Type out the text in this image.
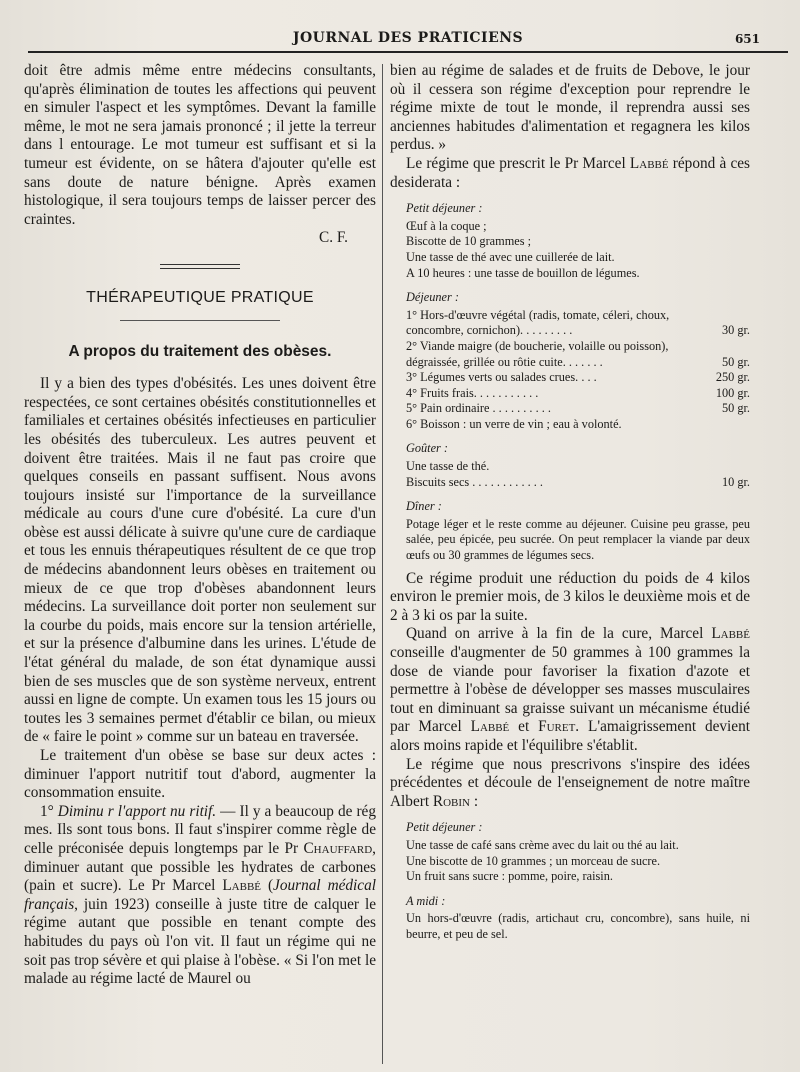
JOURNAL DES PRATICIENS	651

doit être admis même entre médecins consultants, qu'après élimination de toutes les affections qui peuvent en simuler l'aspect et les symptômes. Devant la famille même, le mot ne sera jamais prononcé ; il jette la terreur dans l entourage. Le mot tumeur est suffisant et si la tumeur est évidente, on se hâtera d'ajouter qu'elle est sans doute de nature bénigne. Après examen histologique, il sera toujours temps de laisser percer des craintes.

C. F.

THÉRAPEUTIQUE PRATIQUE
A propos du traitement des obèses.

Il y a bien des types d'obésités. Les unes doivent être respectées, ce sont certaines obésités constitutionnelles et familiales et certaines obésités infectieuses en particulier les obésités des tuberculeux. Les autres peuvent et doivent être traitées. Mais il ne faut pas croire que quelques conseils en passant suffisent. Nous avons toujours insisté sur l'importance de la surveillance médicale au cours d'une cure d'obésité. La cure d'un obèse est aussi délicate à suivre qu'une cure de cardiaque et tous les ennuis thérapeutiques résultent de ce que trop de médecins abandonnent leurs obèses en traitement ou mieux de ce que trop d'obèses abandonnent leurs médecins. La surveillance doit porter non seulement sur la courbe du poids, mais encore sur la tension artérielle, et sur la présence d'albumine dans les urines. L'étude de l'état général du malade, de son état dynamique aussi bien de ses muscles que de son système nerveux, entrent aussi en ligne de compte. Un examen tous les 15 jours ou toutes les 3 semaines permet d'établir ce bilan, ou mieux de « faire le point » comme sur un bateau en traversée.

Le traitement d'un obèse se base sur deux actes : diminuer l'apport nutritif tout d'abord, augmenter la consommation ensuite.

1° Diminu r l'apport nu ritif. — Il y a beaucoup de rég mes. Ils sont tous bons. Il faut s'inspirer comme règle de celle préconisée depuis longtemps par le Pr Chauffard, diminuer autant que possible les hydrates de carbones (pain et sucre). Le Pr Marcel Labbé (Journal médical français, juin 1923) conseille à juste titre de calquer le régime autant que possible en tenant compte des habitudes du pays où l'on vit. Il faut un régime qui ne soit pas trop sévère et qui plaise à l'obèse. « Si l'on met le malade au régime lacté de Maurel ou

bien au régime de salades et de fruits de Debove, le jour où il cessera son régime d'exception pour reprendre le régime mixte de tout le monde, il reprendra aussi ses anciennes habitudes d'alimentation et regagnera les kilos perdus. »

Le régime que prescrit le Pr Marcel Labbé répond à ces desiderata :

Petit déjeuner :
Œuf à la coque ;
Biscotte de 10 grammes ;
Une tasse de thé avec une cuillerée de lait.
A 10 heures : une tasse de bouillon de légumes.
Déjeuner :
1° Hors-d'œuvre végétal (radis, tomate, céleri, choux,
concombre, cornichon). . . . . . . . .	30 gr.
2° Viande maigre (de boucherie, volaille ou poisson),
dégraissée, grillée ou rôtie cuite. . . . . . .	50 gr.
3° Légumes verts ou salades crues. . . .	250 gr.
4° Fruits frais. . . . . . . . . . .	100 gr.
5° Pain ordinaire . . . . . . . . . .	50 gr.
6° Boisson : un verre de vin ; eau à volonté.
Goûter :
Une tasse de thé.
Biscuits secs . . . . . . . . . . . .	10 gr.
Dîner :

Potage léger et le reste comme au déjeuner. Cuisine peu grasse, peu salée, peu épicée, peu sucrée. On peut remplacer la viande par deux œufs ou 30 grammes de légumes secs.

Ce régime produit une réduction du poids de 4 kilos environ le premier mois, de 3 kilos le deuxième mois et de 2 à 3 ki os par la suite.

Quand on arrive à la fin de la cure, Marcel Labbé conseille d'augmenter de 50 grammes à 100 grammes la dose de viande pour favoriser la fixation d'azote et permettre à l'obèse de développer ses masses musculaires tout en diminuant sa graisse suivant un mécanisme étudié par Marcel Labbé et Furet. L'amaigrissement devient alors moins rapide et l'équilibre s'établit.

Le régime que nous prescrivons s'inspire des idées précédentes et découle de l'enseignement de notre maître Albert Robin :

Petit déjeuner :

Une tasse de café sans crème avec du lait ou thé au lait.

Une biscotte de 10 grammes ; un morceau de sucre.

Un fruit sans sucre : pomme, poire, raisin.

A midi :

Un hors-d'œuvre (radis, artichaut cru, concombre), sans huile, ni beurre, et peu de sel.
